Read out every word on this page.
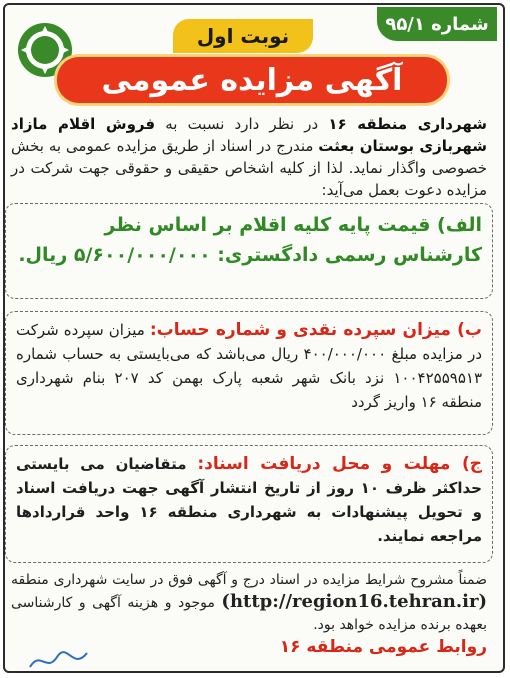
شماره ۹۵/۱
نوبت اول
آگهی مزایده عمومی
شهرداری منطقه ۱۶ در نظر دارد نسبت به فروش اقلام مازاد شهربازی بوستان بعثت مندرج در اسناد از طریق مزایده عمومی به بخش خصوصی واگذار نماید. لذا از کلیه اشخاص حقیقی و حقوقی جهت شرکت در مزایده دعوت بعمل می‌آید:
الف) قیمت پایه کلیه اقلام بر اساس نظر کارشناس رسمی دادگستری: ۵/۶۰۰/۰۰۰/۰۰۰ ریال.
ب) میزان سپرده نقدی و شماره حساب: میزان سپرده شرکت در مزایده مبلغ ۴۰۰/۰۰۰/۰۰۰ ریال می‌باشد که می‌بایستی به حساب شماره ۱۰۰۴۲۵۵۹۵۱۳ نزد بانک شهر شعبه پارک بهمن کد ۲۰۷ بنام شهرداری منطقه ۱۶ واریز گردد
ج) مهلت و محل دریافت اسناد: متقاضیان می بایستی حداکثر ظرف ۱۰ روز از تاریخ انتشار آگهی جهت دریافت اسناد و تحویل پیشنهادات به شهرداری منطقه ۱۶ واحد قراردادها مراجعه نمایند.
ضمناً مشروح شرایط مزایده در اسناد درج و آگهی فوق در سایت شهرداری منطقه (http://region16.tehran.ir) موجود و هزینه آگهی و کارشناسی بعهده برنده مزایده خواهد بود.
روابط عمومی منطقه ۱۶
